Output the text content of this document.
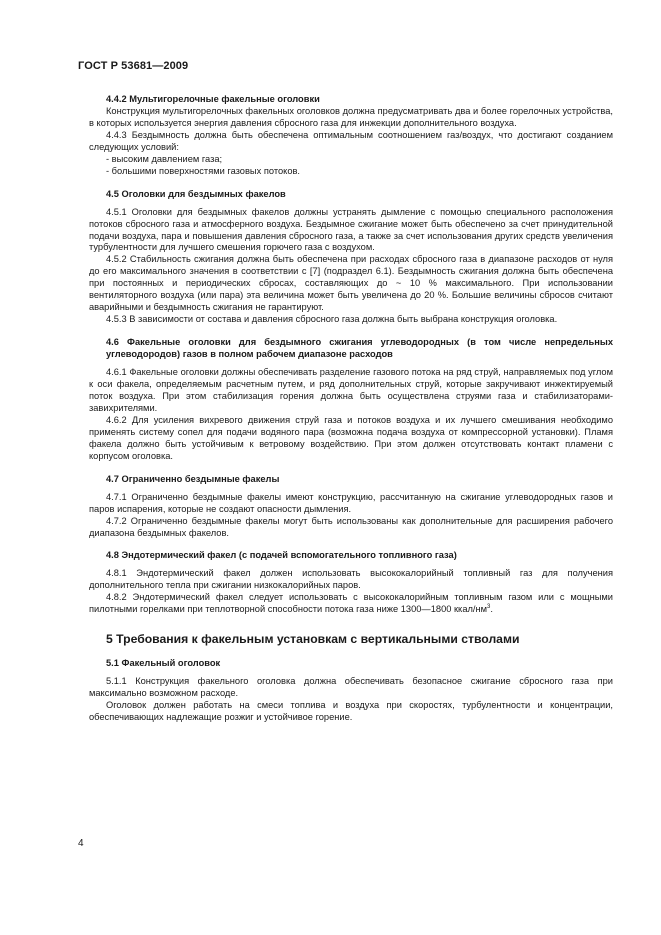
ГОСТ Р 53681—2009

4.4.2 Мультигорелочные факельные оголовки

Конструкция мультигорелочных факельных оголовков должна предусматривать два и более горелочных устройства, в которых используется энергия давления сбросного газа для инжекции дополнительного воздуха.

4.4.3 Бездымность должна быть обеспечена оптимальным соотношением газ/воздух, что достигают созданием следующих условий:

- высоким давлением газа;

- большими поверхностями газовых потоков.

4.5 Оголовки для бездымных факелов

4.5.1 Оголовки для бездымных факелов должны устранять дымление с помощью специального расположения потоков сбросного газа и атмосферного воздуха. Бездымное сжигание может быть обеспечено за счет принудительной подачи воздуха, пара и повышения давления сбросного газа, а также за счет использования других средств увеличения турбулентности для лучшего смешения горючего газа с воздухом.

4.5.2 Стабильность сжигания должна быть обеспечена при расходах сбросного газа в диапазоне расходов от нуля до его максимального значения в соответствии с [7] (подраздел 6.1). Бездымность сжигания должна быть обеспечена при постоянных и периодических сбросах, составляющих до ~ 10 % максимального. При использовании вентиляторного воздуха (или пара) эта величина может быть увеличена до 20 %. Большие величины сбросов считают аварийными и бездымность сжигания не гарантируют.

4.5.3 В зависимости от состава и давления сбросного газа должна быть выбрана конструкция оголовка.

4.6 Факельные оголовки для бездымного сжигания углеводородных (в том числе непредельных углеводородов) газов в полном рабочем диапазоне расходов

4.6.1 Факельные оголовки должны обеспечивать разделение газового потока на ряд струй, направляемых под углом к оси факела, определяемым расчетным путем, и ряд дополнительных струй, которые закручивают инжектируемый поток воздуха. При этом стабилизация горения должна быть осуществлена струями газа и стабилизаторами-завихрителями.

4.6.2 Для усиления вихревого движения струй газа и потоков воздуха и их лучшего смешивания необходимо применять систему сопел для подачи водяного пара (возможна подача воздуха от компрессорной установки). Пламя факела должно быть устойчивым к ветровому воздействию. При этом должен отсутствовать контакт пламени с корпусом оголовка.

4.7 Ограниченно бездымные факелы

4.7.1 Ограниченно бездымные факелы имеют конструкцию, рассчитанную на сжигание углеводородных газов и паров испарения, которые не создают опасности дымления.

4.7.2 Ограниченно бездымные факелы могут быть использованы как дополнительные для расширения рабочего диапазона бездымных факелов.

4.8 Эндотермический факел (с подачей вспомогательного топливного газа)

4.8.1 Эндотермический факел должен использовать высококалорийный топливный газ для получения дополнительного тепла при сжигании низкокалорийных паров.

4.8.2 Эндотермический факел следует использовать с высококалорийным топливным газом или с мощными пилотными горелками при теплотворной способности потока газа ниже 1300—1800 ккал/$нм^3$.

5 Требования к факельным установкам с вертикальными стволами

5.1 Факельный оголовок

5.1.1 Конструкция факельного оголовка должна обеспечивать безопасное сжигание сбросного газа при максимально возможном расходе.

Оголовок должен работать на смеси топлива и воздуха при скоростях, турбулентности и концентрации, обеспечивающих надлежащие розжиг и устойчивое горение.

4
